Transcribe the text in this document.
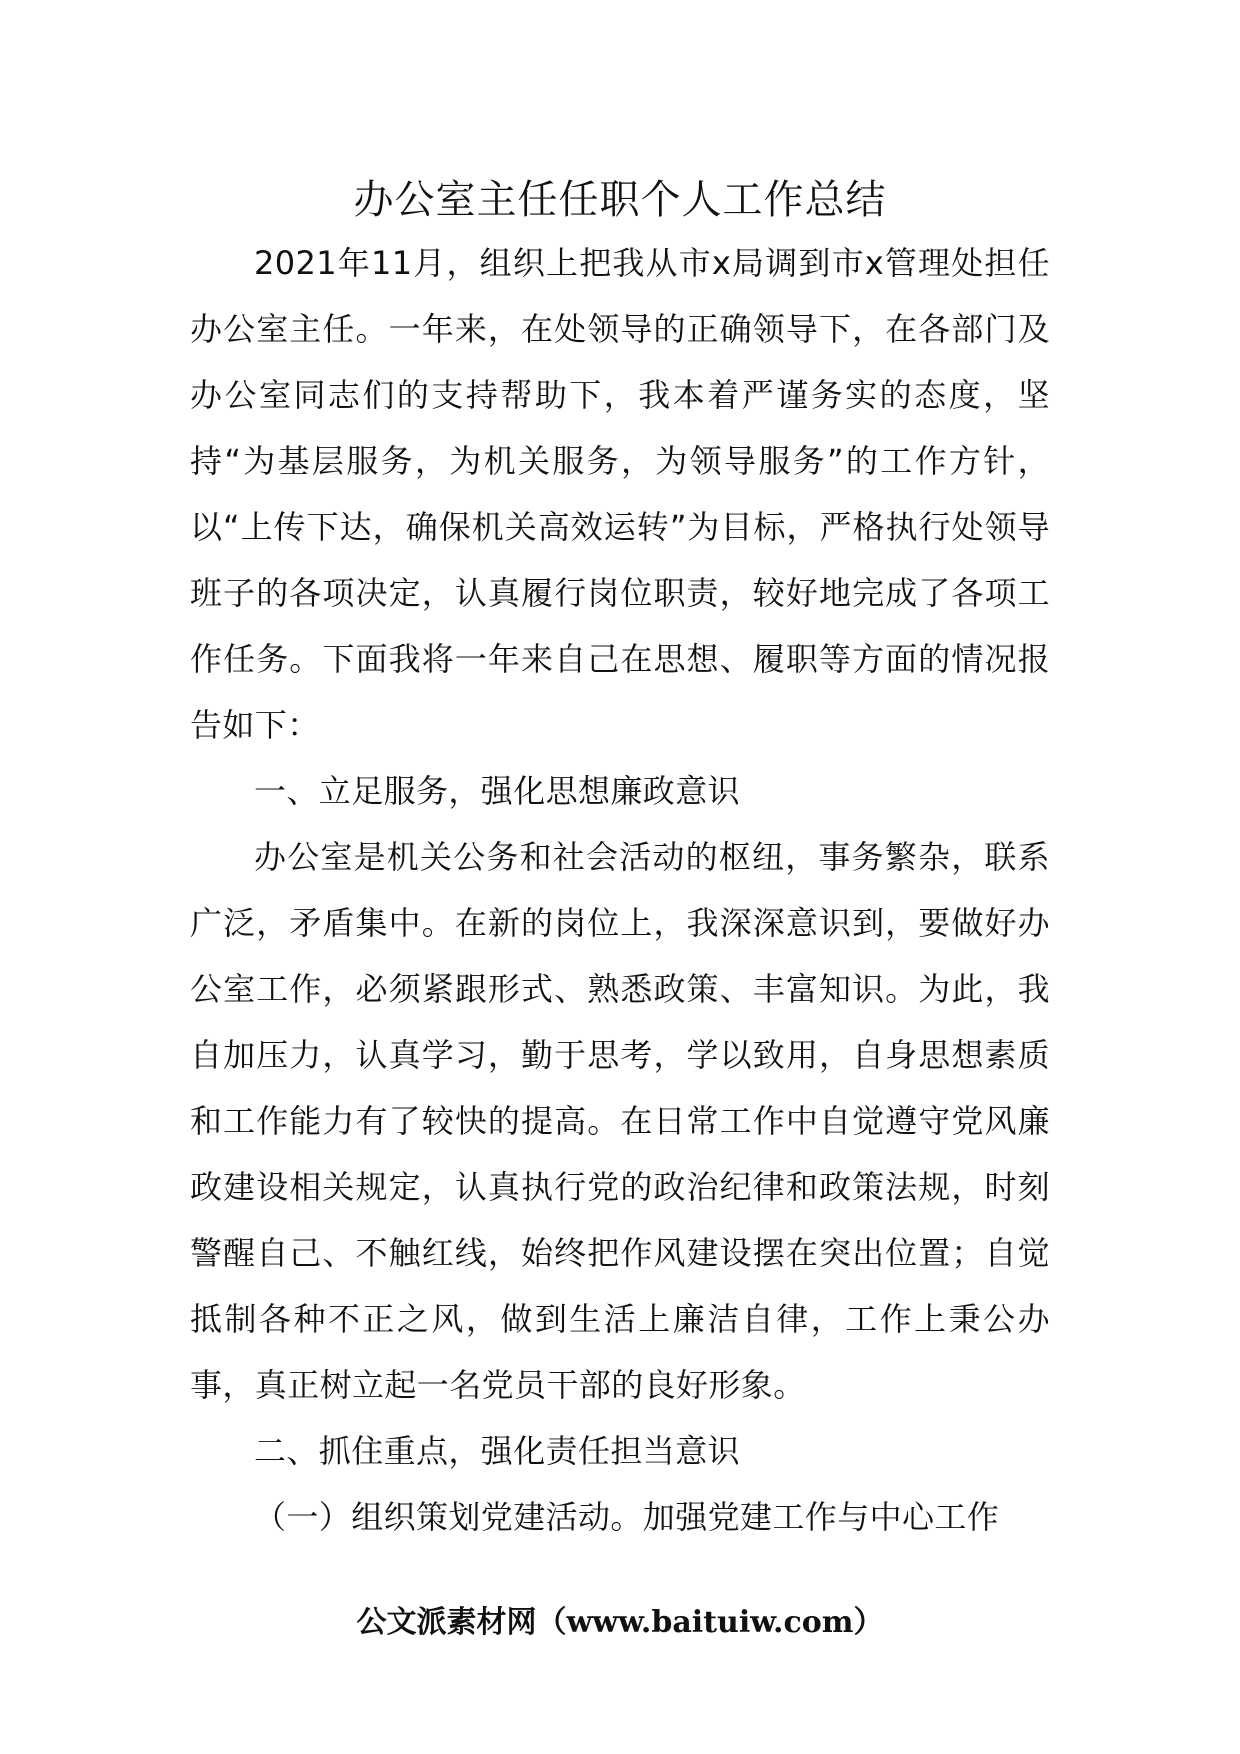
办公室主任任职个人工作总结

2021年11月，组织上把我从市x局调到市x管理处担任办公室主任。一年来，在处领导的正确领导下，在各部门及办公室同志们的支持帮助下，我本着严谨务实的态度，坚持“为基层服务，为机关服务，为领导服务”的工作方针，以“上传下达，确保机关高效运转”为目标，严格执行处领导班子的各项决定，认真履行岗位职责，较好地完成了各项工作任务。下面我将一年来自己在思想、履职等方面的情况报告如下：

一、立足服务，强化思想廉政意识

办公室是机关公务和社会活动的枢纽，事务繁杂，联系广泛，矛盾集中。在新的岗位上，我深深意识到，要做好办公室工作，必须紧跟形式、熟悉政策、丰富知识。为此，我自加压力，认真学习，勤于思考，学以致用，自身思想素质和工作能力有了较快的提高。在日常工作中自觉遵守党风廉政建设相关规定，认真执行党的政治纪律和政策法规，时刻警醒自己、不触红线，始终把作风建设摆在突出位置；自觉抵制各种不正之风，做到生活上廉洁自律，工作上秉公办事，真正树立起一名党员干部的良好形象。

二、抓住重点，强化责任担当意识

（一）组织策划党建活动。加强党建工作与中心工作

公文派素材网（www.baituiw.com）
